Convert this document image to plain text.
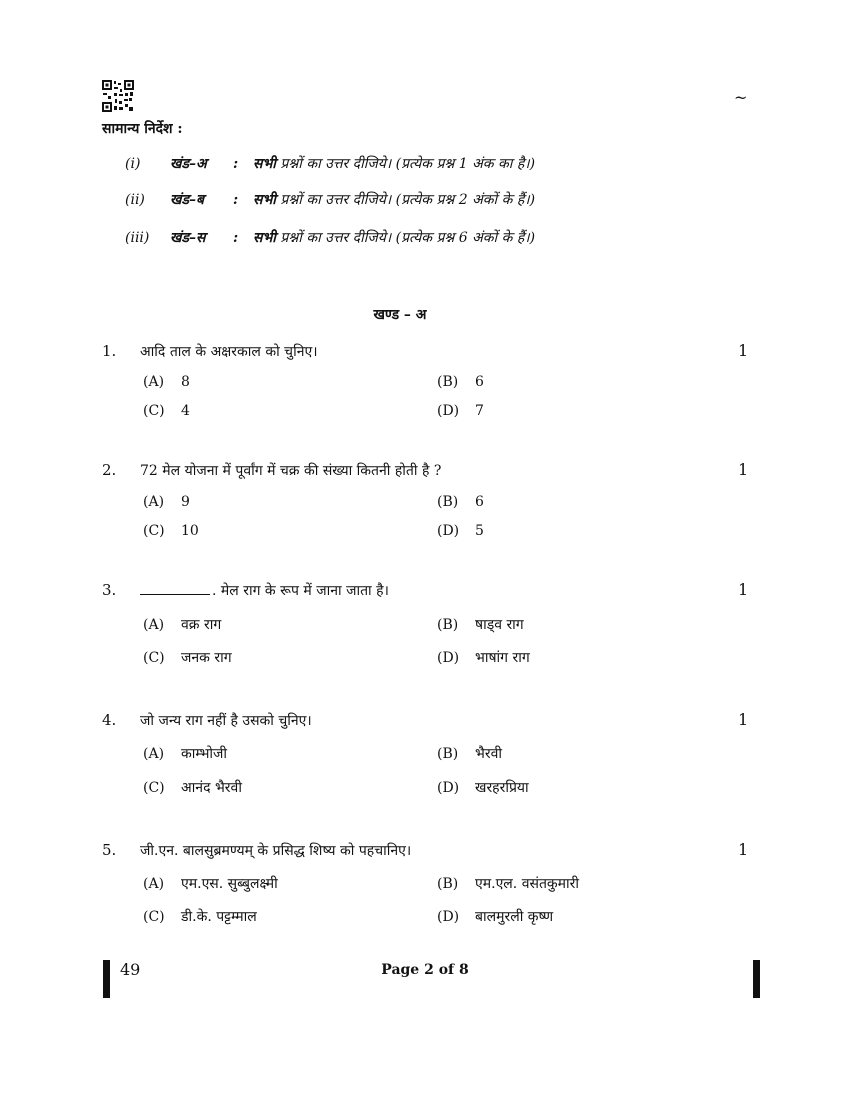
~
सामान्य निर्देश :
(i) खंड–अ : सभी प्रश्नों का उत्तर दीजिये। (प्रत्येक प्रश्न 1 अंक का है।)
(ii) खंड–ब : सभी प्रश्नों का उत्तर दीजिये। (प्रत्येक प्रश्न 2 अंकों के हैं।)
(iii) खंड–स : सभी प्रश्नों का उत्तर दीजिये। (प्रत्येक प्रश्न 6 अंकों के हैं।)
खण्ड – अ
1. आदि ताल के अक्षरकाल को चुनिए।	1
(A) 8	(B) 6
(C) 4	(D) 7
2. 72 मेल योजना में पूर्वांग में चक्र की संख्या कितनी होती है ?	1
(A) 9	(B) 6
(C) 10	(D) 5
3.	. मेल राग के रूप में जाना जाता है।	1
(A) वक्र राग	(B) षाड्व राग
(C) जनक राग	(D) भाषांग राग
4. जो जन्य राग नहीं है उसको चुनिए।	1
(A) काम्भोजी	(B) भैरवी
(C) आनंद भैरवी	(D) खरहरप्रिया
5. जी.एन. बालसुब्रमण्यम् के प्रसिद्ध शिष्य को पहचानिए।	1
(A) एम.एस. सुब्बुलक्ष्मी	(B) एम.एल. वसंतकुमारी
(C) डी.के. पट्टम्माल	(D) बालमुरली कृष्ण
49	Page 2 of 8
